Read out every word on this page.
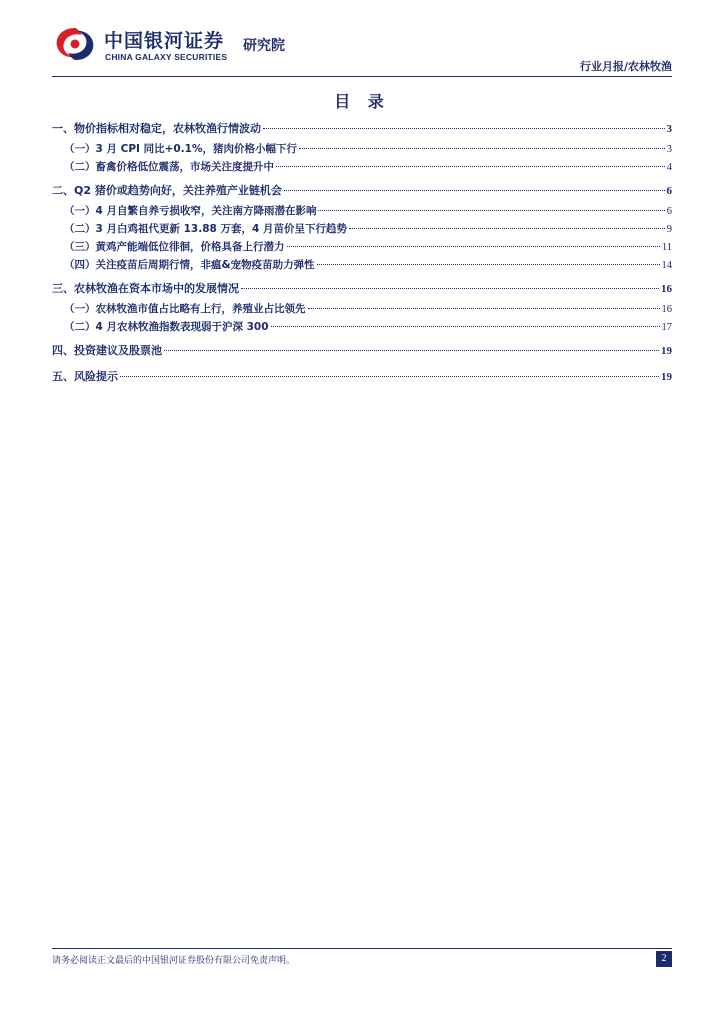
中国银河证券
CHINA GALAXY SECURITIES
研究院
行业月报/农林牧渔
目 录
一、物价指标相对稳定，农林牧渔行情波动	3
（一）3 月 CPI 同比+0.1%，猪肉价格小幅下行	3
（二）畜禽价格低位震荡，市场关注度提升中	4
二、Q2 猪价或趋势向好，关注养殖产业链机会	6
（一）4 月自繁自养亏损收窄，关注南方降雨潜在影响	6
（二）3 月白鸡祖代更新 13.88 万套，4 月苗价呈下行趋势	9
（三）黄鸡产能端低位徘徊，价格具备上行潜力	11
（四）关注疫苗后周期行情，非瘟&宠物疫苗助力弹性	14
三、农林牧渔在资本市场中的发展情况	16
（一）农林牧渔市值占比略有上行，养殖业占比领先	16
（二）4 月农林牧渔指数表现弱于沪深 300	17
四、投资建议及股票池	19
五、风险提示	19
请务必阅读正文最后的中国银河证券股份有限公司免责声明。	2
